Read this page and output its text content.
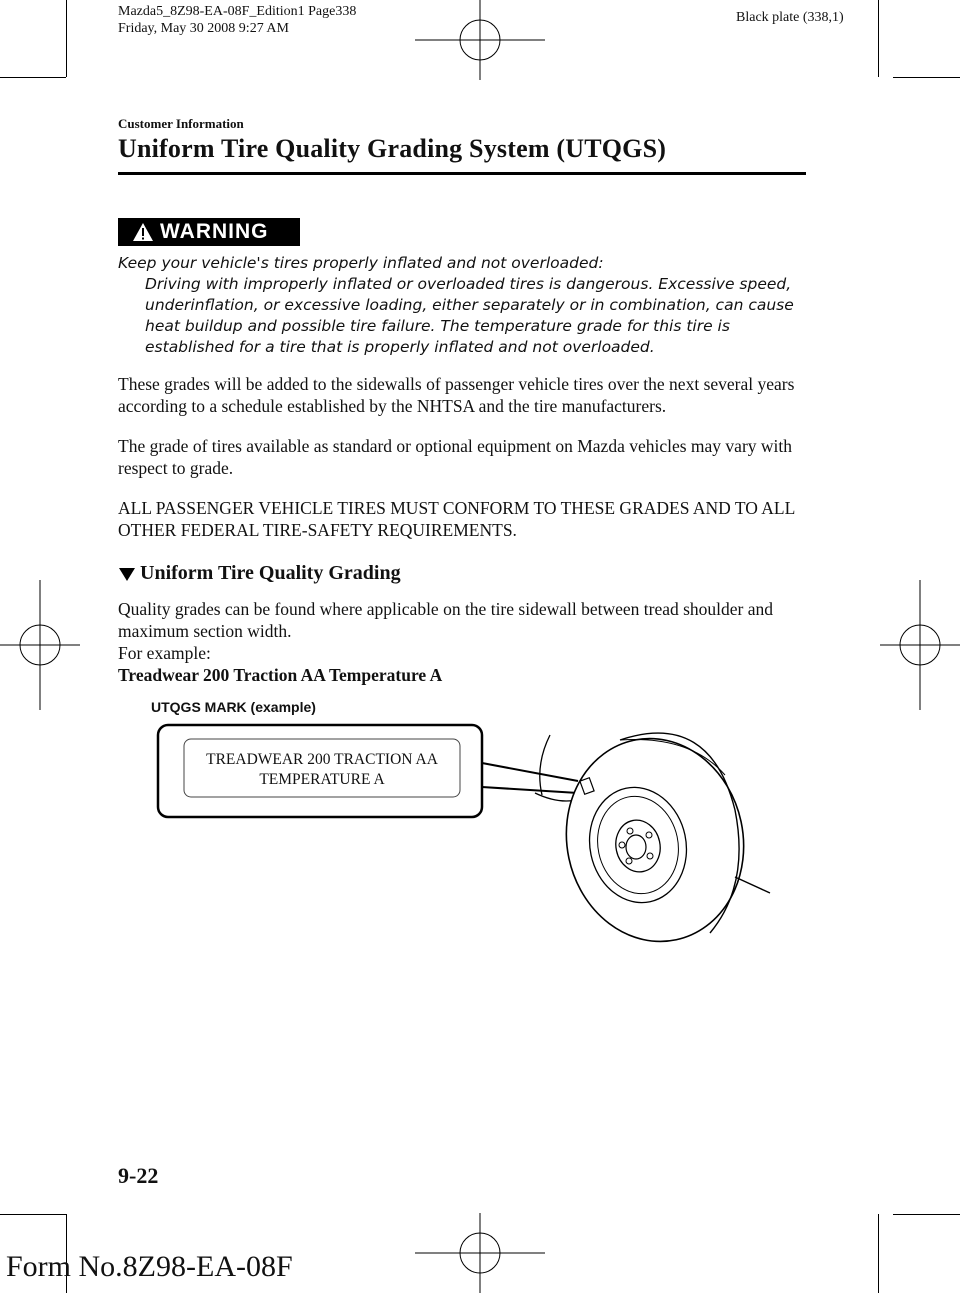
Mazda5_8Z98-EA-08F_Edition1 Page338
Friday, May 30 2008 9:27 AM
Black plate (338,1)
Customer Information
Uniform Tire Quality Grading System (UTQGS)
WARNING
Keep your vehicle's tires properly inflated and not overloaded:
Driving with improperly inflated or overloaded tires is dangerous. Excessive speed, underinflation, or excessive loading, either separately or in combination, can cause heat buildup and possible tire failure. The temperature grade for this tire is established for a tire that is properly inflated and not overloaded.
These grades will be added to the sidewalls of passenger vehicle tires over the next several years according to a schedule established by the NHTSA and the tire manufacturers.
The grade of tires available as standard or optional equipment on Mazda vehicles may vary with respect to grade.
ALL PASSENGER VEHICLE TIRES MUST CONFORM TO THESE GRADES AND TO ALL OTHER FEDERAL TIRE-SAFETY REQUIREMENTS.
Uniform Tire Quality Grading
Quality grades can be found where applicable on the tire sidewall between tread shoulder and maximum section width.
For example:
Treadwear 200 Traction AA Temperature A
UTQGS MARK (example)
TREADWEAR 200 TRACTION AA
TEMPERATURE A
9-22
Form No.8Z98-EA-08F
